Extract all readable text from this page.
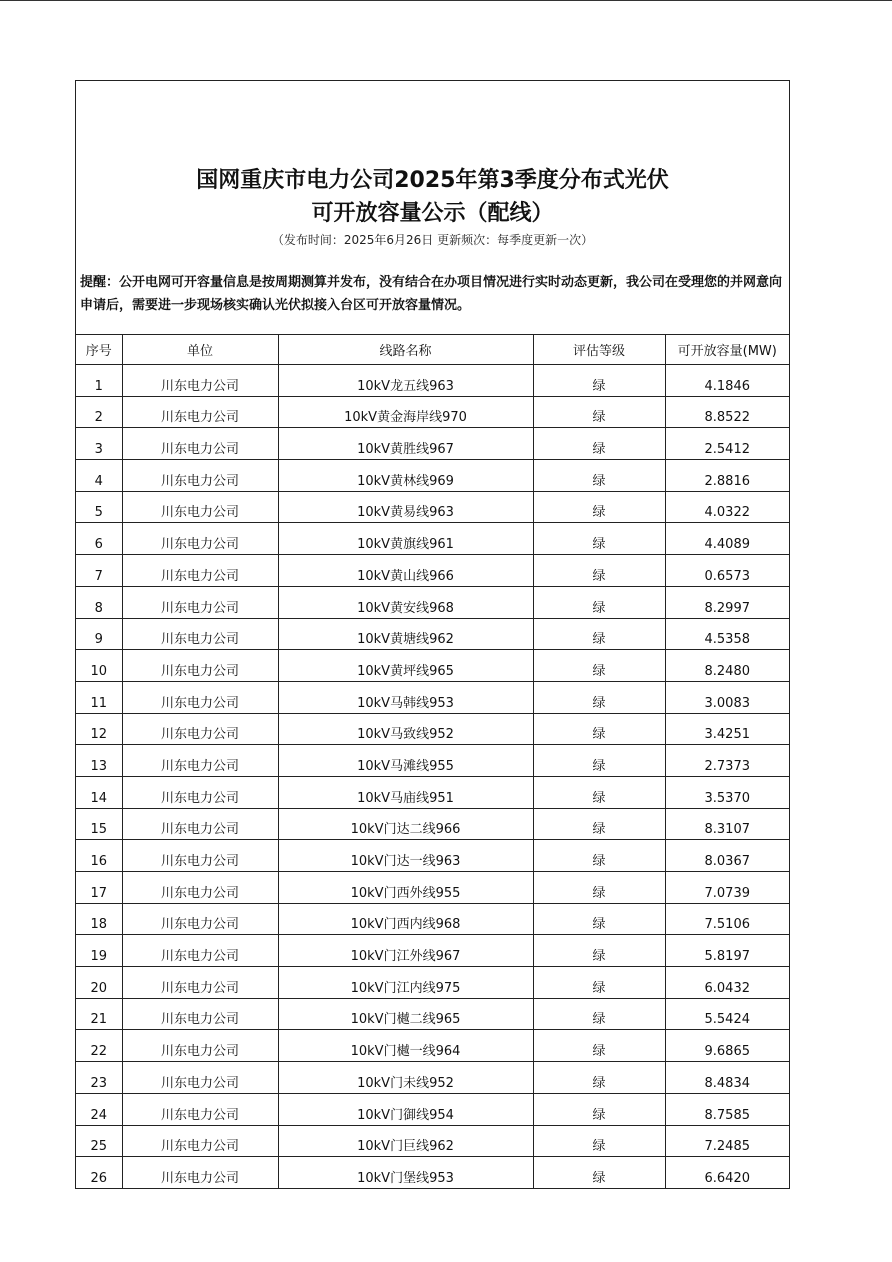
国网重庆市电力公司2025年第3季度分布式光伏
可开放容量公示（配线）
（发布时间：2025年6月26日 更新频次：每季度更新一次）
提醒：公开电网可开容量信息是按周期测算并发布，没有结合在办项目情况进行实时动态更新，我公司在受理您的并网意向申请后，需要进一步现场核实确认光伏拟接入台区可开放容量情况。
序号	单位	线路名称	评估等级	可开放容量(MW)
1	川东电力公司	10kV龙五线963	绿	4.1846
2	川东电力公司	10kV黄金海岸线970	绿	8.8522
3	川东电力公司	10kV黄胜线967	绿	2.5412
4	川东电力公司	10kV黄林线969	绿	2.8816
5	川东电力公司	10kV黄易线963	绿	4.0322
6	川东电力公司	10kV黄旗线961	绿	4.4089
7	川东电力公司	10kV黄山线966	绿	0.6573
8	川东电力公司	10kV黄安线968	绿	8.2997
9	川东电力公司	10kV黄塘线962	绿	4.5358
10	川东电力公司	10kV黄坪线965	绿	8.2480
11	川东电力公司	10kV马韩线953	绿	3.0083
12	川东电力公司	10kV马致线952	绿	3.4251
13	川东电力公司	10kV马滩线955	绿	2.7373
14	川东电力公司	10kV马庙线951	绿	3.5370
15	川东电力公司	10kV门达二线966	绿	8.3107
16	川东电力公司	10kV门达一线963	绿	8.0367
17	川东电力公司	10kV门西外线955	绿	7.0739
18	川东电力公司	10kV门西内线968	绿	7.5106
19	川东电力公司	10kV门江外线967	绿	5.8197
20	川东电力公司	10kV门江内线975	绿	6.0432
21	川东电力公司	10kV门樾二线965	绿	5.5424
22	川东电力公司	10kV门樾一线964	绿	9.6865
23	川东电力公司	10kV门未线952	绿	8.4834
24	川东电力公司	10kV门御线954	绿	8.7585
25	川东电力公司	10kV门巨线962	绿	7.2485
26	川东电力公司	10kV门堡线953	绿	6.6420
